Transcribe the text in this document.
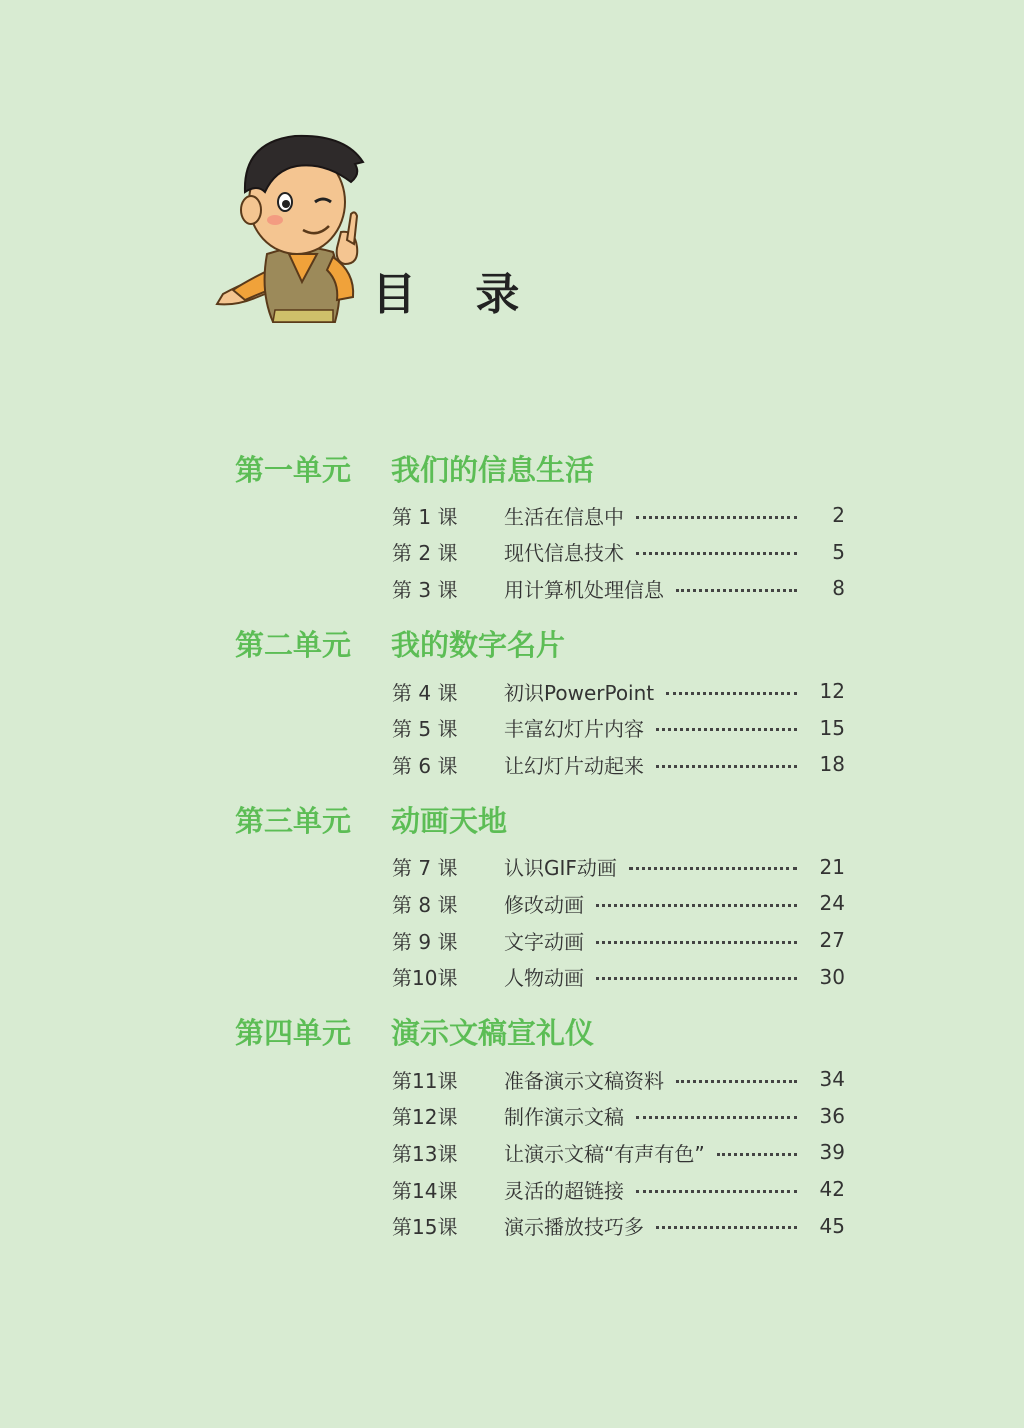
目 录
第一单元	我们的信息生活
第 1 课	生活在信息中	2
第 2 课	现代信息技术	5
第 3 课	用计算机处理信息	8
第二单元	我的数字名片
第 4 课	初识PowerPoint	12
第 5 课	丰富幻灯片内容	15
第 6 课	让幻灯片动起来	18
第三单元	动画天地
第 7 课	认识GIF动画	21
第 8 课	修改动画	24
第 9 课	文字动画	27
第10课	人物动画	30
第四单元	演示文稿宣礼仪
第11课	准备演示文稿资料	34
第12课	制作演示文稿	36
第13课	让演示文稿“有声有色”	39
第14课	灵活的超链接	42
第15课	演示播放技巧多	45
